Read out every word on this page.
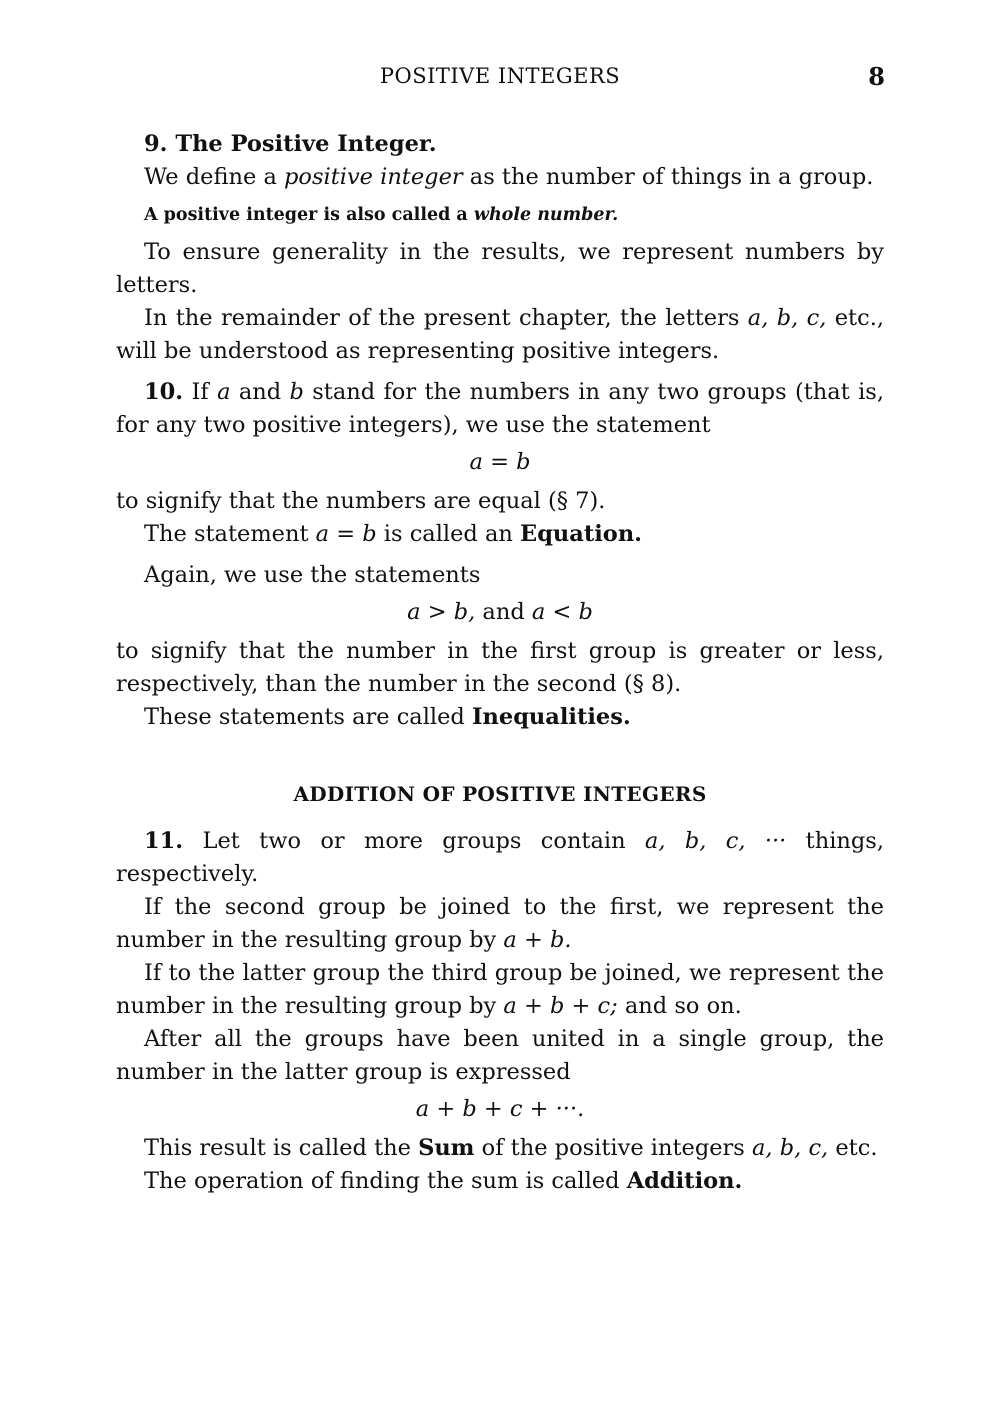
POSITIVE INTEGERS	8

9. The Positive Integer.

We define a positive integer as the number of things in a group.

A positive integer is also called a whole number.

To ensure generality in the results, we represent numbers by letters.

In the remainder of the present chapter, the letters a, b, c, etc., will be understood as representing positive integers.

10. If a and b stand for the numbers in any two groups (that is, for any two positive integers), we use the statement

a = b

to signify that the numbers are equal (§ 7).

The statement a = b is called an Equation.

Again, we use the statements

a > b, and a < b

to signify that the number in the first group is greater or less, respectively, than the number in the second (§ 8).

These statements are called Inequalities.

ADDITION OF POSITIVE INTEGERS

11. Let two or more groups contain a, b, c, ··· things, respectively.

If the second group be joined to the first, we represent the number in the resulting group by a + b.

If to the latter group the third group be joined, we represent the number in the resulting group by a + b + c; and so on.

After all the groups have been united in a single group, the number in the latter group is expressed

a + b + c + ···.

This result is called the Sum of the positive integers a, b, c, etc.

The operation of finding the sum is called Addition.
